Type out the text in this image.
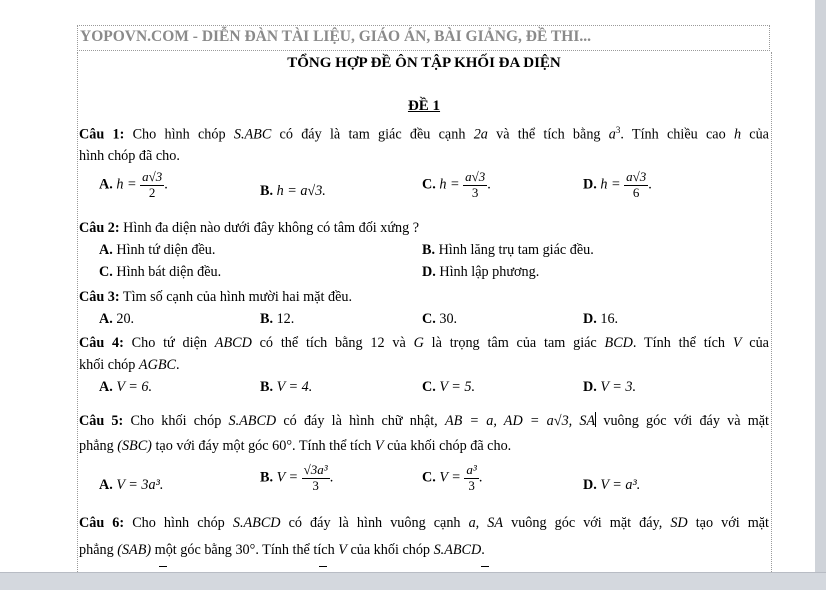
YOPOVN.COM - DIỄN ĐÀN TÀI LIỆU, GIÁO ÁN, BÀI GIẢNG, ĐỀ THI...
TỔNG HỢP ĐỀ ÔN TẬP KHỐI ĐA DIỆN
ĐỀ 1
Câu 1: Cho hình chóp S.ABC có đáy là tam giác đều cạnh 2a và thể tích bằng $a^3$. Tính chiều cao h của
hình chóp đã cho.
A. $h = \frac{a√3}{2}$ .	B. h = a√3.	C. $h = \frac{a√3}{3}$ .	D. $h = \frac{a√3}{6}$ .
Câu 2: Hình đa diện nào dưới đây không có tâm đối xứng ?
A. Hình tứ diện đều.	B. Hình lăng trụ tam giác đều.
C. Hình bát diện đều.	D. Hình lập phương.
Câu 3: Tìm số cạnh của hình mười hai mặt đều.
A. 20.	B. 12.	C. 30.	D. 16.
Câu 4: Cho tứ diện ABCD có thể tích bằng 12 và G là trọng tâm của tam giác BCD. Tính thể tích V của
khối chóp AGBC.
A. V = 6.	B. V = 4.	C. V = 5.	D. V = 3.
Câu 5: Cho khối chóp S.ABCD có đáy là hình chữ nhật, AB = a, AD = a√3, SA vuông góc với đáy và mặt
phẳng (SBC) tạo với đáy một góc 60°. Tính thể tích V của khối chóp đã cho.
A. V = 3a³.	B. $V = \frac{\text{√3a³}}{3}$ .	C. $V = \frac{\text{a³}}{3}$ .	D. V = a³.
Câu 6: Cho hình chóp S.ABCD có đáy là hình vuông cạnh a, SA vuông góc với mặt đáy, SD tạo với mặt
phẳng (SAB) một góc bằng 30°. Tính thể tích V của khối chóp S.ABCD.
